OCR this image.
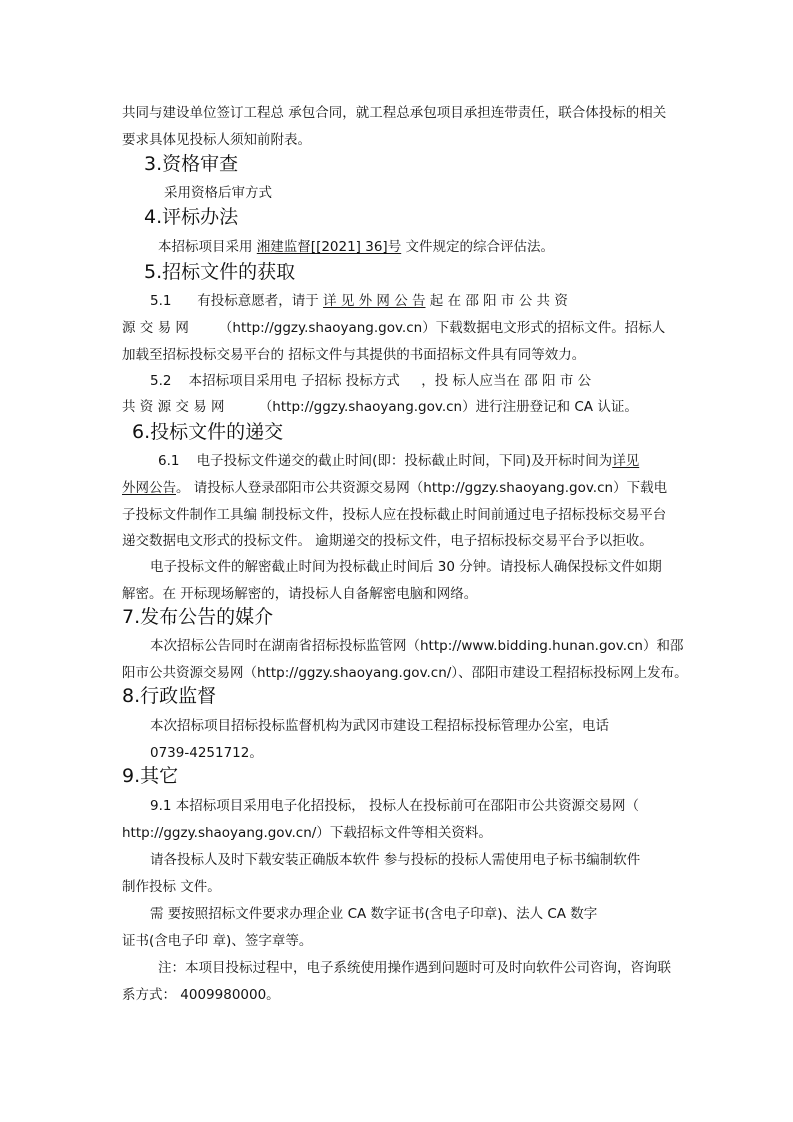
共同与建设单位签订工程总 承包合同，就工程总承包项目承担连带责任，联合体投标的相关
要求具体见投标人须知前附表。
3.资格审查
采用资格后审方式
4.评标办法
本招标项目采用 湘建监督[[2021] 36]号 文件规定的综合评估法。
5.招标文件的获取
5.1 有投标意愿者，请于 详 见 外 网 公 告 起 在 邵 阳 市 公 共 资
源 交 易 网 （http://ggzy.shaoyang.gov.cn）下载数据电文形式的招标文件。招标人
加载至招标投标交易平台的 招标文件与其提供的书面招标文件具有同等效力。
5.2 本招标项目采用电 子招标 投标方式 ，投 标人应当在 邵 阳 市 公
共 资 源 交 易 网	（http://ggzy.shaoyang.gov.cn）进行注册登记和 CA 认证。
6.投标文件的递交
6.1 电子投标文件递交的截止时间(即：投标截止时间，下同)及开标时间为详见
外网公告。 请投标人登录邵阳市公共资源交易网（http://ggzy.shaoyang.gov.cn）下载电
子投标文件制作工具编 制投标文件，投标人应在投标截止时间前通过电子招标投标交易平台
递交数据电文形式的投标文件。 逾期递交的投标文件，电子招标投标交易平台予以拒收。
电子投标文件的解密截止时间为投标截止时间后 30 分钟。请投标人确保投标文件如期
解密。在 开标现场解密的，请投标人自备解密电脑和网络。
7.发布公告的媒介
本次招标公告同时在湖南省招标投标监管网（http://www.bidding.hunan.gov.cn）和邵
阳市公共资源交易网（http://ggzy.shaoyang.gov.cn/）、邵阳市建设工程招标投标网上发布。
8.行政监督
本次招标项目招标投标监督机构为武冈市建设工程招标投标管理办公室，电话
0739-4251712。
9.其它
9.1 本招标项目采用电子化招投标， 投标人在投标前可在邵阳市公共资源交易网（
http://ggzy.shaoyang.gov.cn/）下载招标文件等相关资料。
请各投标人及时下载安装正确版本软件 参与投标的投标人需使用电子标书编制软件
制作投标 文件。
需 要按照招标文件要求办理企业 CA 数字证书(含电子印章)、法人 CA 数字
证书(含电子印 章)、签字章等。
注：本项目投标过程中，电子系统使用操作遇到问题时可及时向软件公司咨询，咨询联
系方式： 4009980000。
